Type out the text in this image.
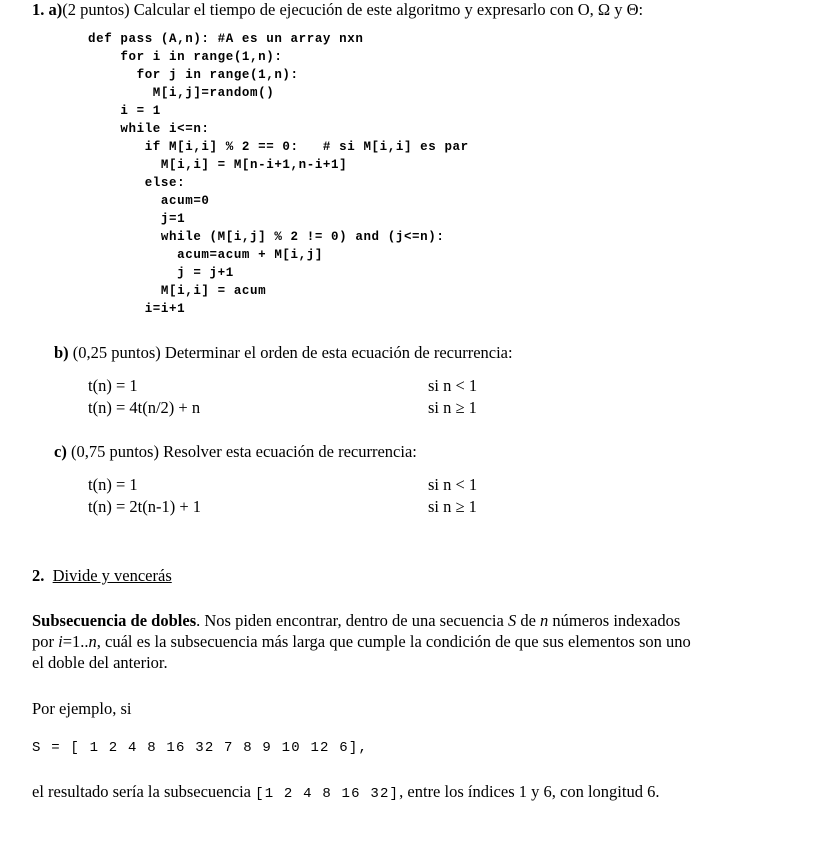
1. a)(2 puntos) Calcular el tiempo de ejecución de este algoritmo y expresarlo con O, Ω y Θ:
def pass (A,n): #A es un array nxn
for i in range(1,n):
for j in range(1,n):
M[i,j]=random()
i = 1
while i<=n:
if M[i,i] % 2 == 0:   # si M[i,i] es par
M[i,i] = M[n-i+1,n-i+1]
else:
acum=0
j=1
while (M[i,j] % 2 != 0) and (j<=n):
acum=acum + M[i,j]
j = j+1
M[i,i] = acum
i=i+1
b) (0,25 puntos) Determinar el orden de esta ecuación de recurrencia:
t(n) = 1	si n < 1
t(n) = 4t(n/2) + n	si n ≥ 1
c) (0,75 puntos) Resolver esta ecuación de recurrencia:
t(n) = 1	si n < 1
t(n) = 2t(n-1) + 1	si n ≥ 1
2. Divide y vencerás
Subsecuencia de dobles. Nos piden encontrar, dentro de una secuencia S de n números indexados
por i=1..n, cuál es la subsecuencia más larga que cumple la condición de que sus elementos son uno
el doble del anterior.
Por ejemplo, si
S = [ 1 2 4 8 16 32 7 8 9 10 12 6],
el resultado sería la subsecuencia [1 2 4 8 16 32], entre los índices 1 y 6, con longitud 6.
